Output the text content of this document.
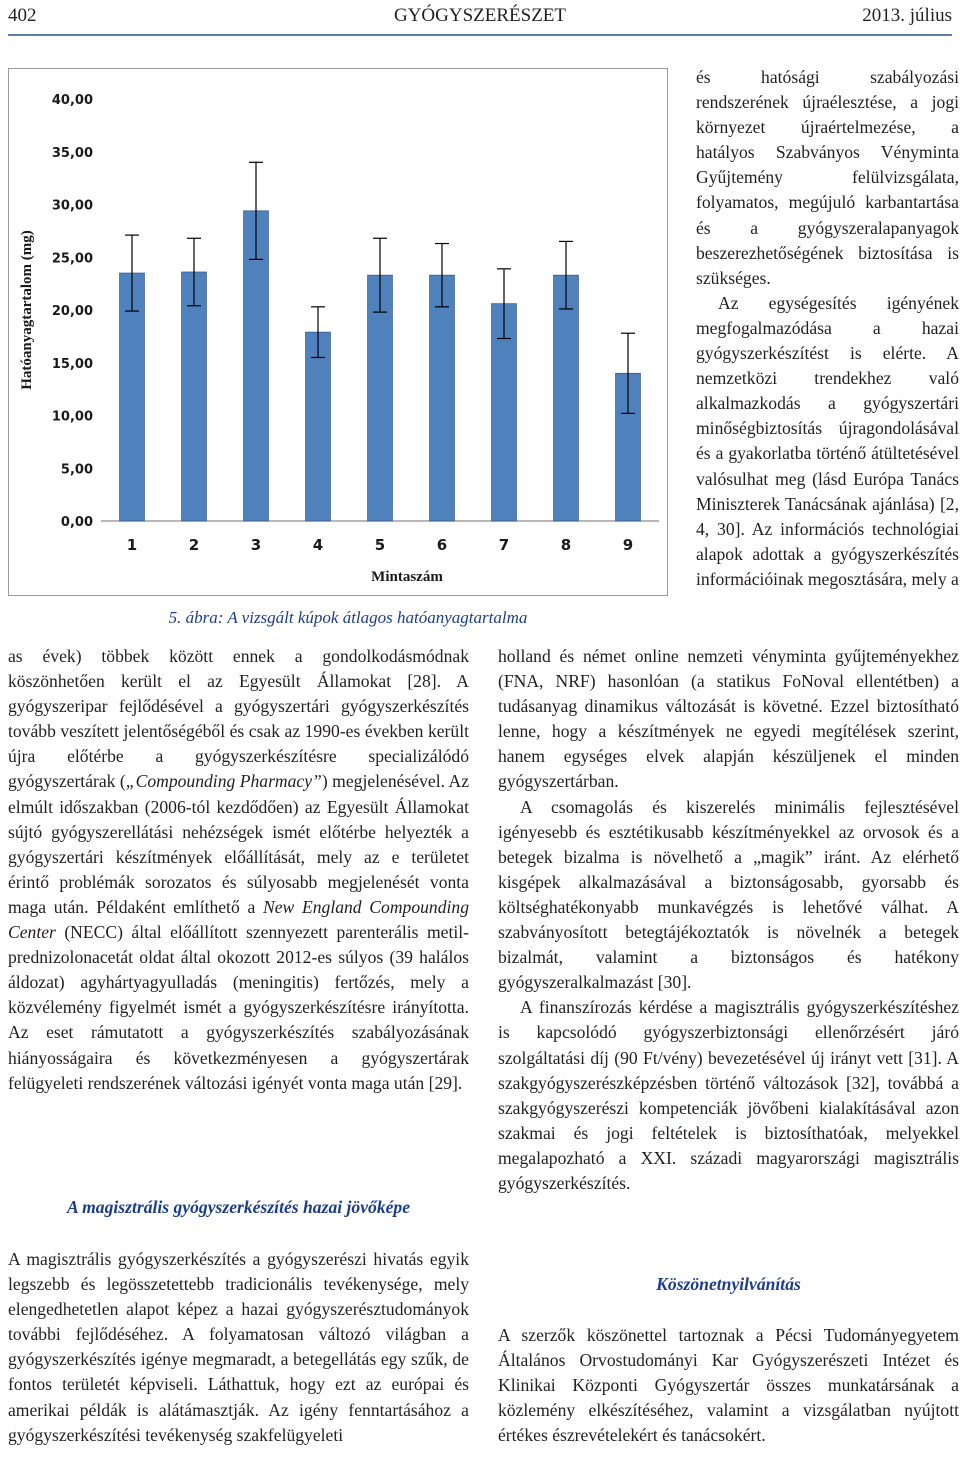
402	GYÓGYSZERÉSZET	2013. július
0,00
5,00
10,00
15,00
20,00
25,00
30,00
35,00
40,00
1	2	3	4	5	6	7	8	9
Hatóanyagtartalom (mg)
Mintaszám
5. ábra: A vizsgált kúpok átlagos hatóanyagtartalma

és hatósági szabályozási rendszerének újraélesztése, a jogi környezet újraértelmezése, a hatályos Szabványos Vényminta Gyűjtemény felülvizsgálata, folyamatos, megújuló karbantartása és a gyógyszeralapanyagok beszerezhetőségének biztosítása is szükséges.

Az egységesítés igényének megfogalmazódása a hazai gyógyszerkészítést is elérte. A nemzetközi trendekhez való alkalmazkodás a gyógyszertári minőségbiztosítás újragondolásával és a gyakorlatba történő átültetésével valósulhat meg (lásd Európa Tanács Miniszterek Tanácsának ajánlása) [2, 4, 30]. Az információs technológiai alapok adottak a gyógyszerkészítés információinak megosztására, mely a

as évek) többek között ennek a gondolkodásmódnak köszönhetően került el az Egyesült Államokat [28]. A gyógyszeripar fejlődésével a gyógyszertári gyógyszerkészítés tovább veszített jelentőségéből és csak az 1990-es években került újra előtérbe a gyógyszerkészítésre specializálódó gyógyszertárak („Compounding Pharmacy”) megjelenésével. Az elmúlt időszakban (2006-tól kezdődően) az Egyesült Államokat sújtó gyógyszerellátási nehézségek ismét előtérbe helyezték a gyógyszertári készítmények előállítását, mely az e területet érintő problémák sorozatos és súlyosabb megjelenését vonta maga után. Példaként említhető a New England Compounding Center (NECC) által előállított szennyezett parenterális metil-prednizolonacetát oldat által okozott 2012-es súlyos (39 halálos áldozat) agyhártyagyulladás (meningitis) fertőzés, mely a közvélemény figyelmét ismét a gyógyszerkészítésre irányította. Az eset rámutatott a gyógyszerkészítés szabályozásának hiányosságaira és következményesen a gyógyszertárak felügyeleti rendszerének változási igényét vonta maga után [29].

A magisztrális gyógyszerkészítés hazai jövőképe

A magisztrális gyógyszerkészítés a gyógyszerészi hivatás egyik legszebb és legösszetettebb tradicionális tevékenysége, mely elengedhetetlen alapot képez a hazai gyógyszerésztudományok további fejlődéséhez. A folyamatosan változó világban a gyógyszerkészítés igénye megmaradt, a betegellátás egy szűk, de fontos területét képviseli. Láthattuk, hogy ezt az európai és amerikai példák is alátámasztják. Az igény fenntartásához a gyógyszerkészítési tevékenység szakfelügyeleti

holland és német online nemzeti vényminta gyűjteményekhez (FNA, NRF) hasonlóan (a statikus FoNoval ellentétben) a tudásanyag dinamikus változását is követné. Ezzel biztosítható lenne, hogy a készítmények ne egyedi megítélések szerint, hanem egységes elvek alapján készüljenek el minden gyógyszertárban.

A csomagolás és kiszerelés minimális fejlesztésével igényesebb és esztétikusabb készítményekkel az orvosok és a betegek bizalma is növelhető a „magik” iránt. Az elérhető kisgépek alkalmazásával a biztonságosabb, gyorsabb és költséghatékonyabb munkavégzés is lehetővé válhat. A szabványosított betegtájékoztatók is növelnék a betegek bizalmát, valamint a biztonságos és hatékony gyógyszeralkalmazást [30].

A finanszírozás kérdése a magisztrális gyógyszerkészítéshez is kapcsolódó gyógyszerbiztonsági ellenőrzésért járó szolgáltatási díj (90 Ft/vény) bevezetésével új irányt vett [31]. A szakgyógyszerészképzésben történő változások [32], továbbá a szakgyógyszerészi kompetenciák jövőbeni kialakításával azon szakmai és jogi feltételek is biztosíthatóak, melyekkel megalapozható a XXI. századi magyarországi magisztrális gyógyszerkészítés.

Köszönetnyilvánítás

A szerzők köszönettel tartoznak a Pécsi Tudományegyetem Általános Orvostudományi Kar Gyógyszerészeti Intézet és Klinikai Központi Gyógyszertár összes munkatársának a közlemény elkészítéséhez, valamint a vizsgálatban nyújtott értékes észrevételekért és tanácsokért.
